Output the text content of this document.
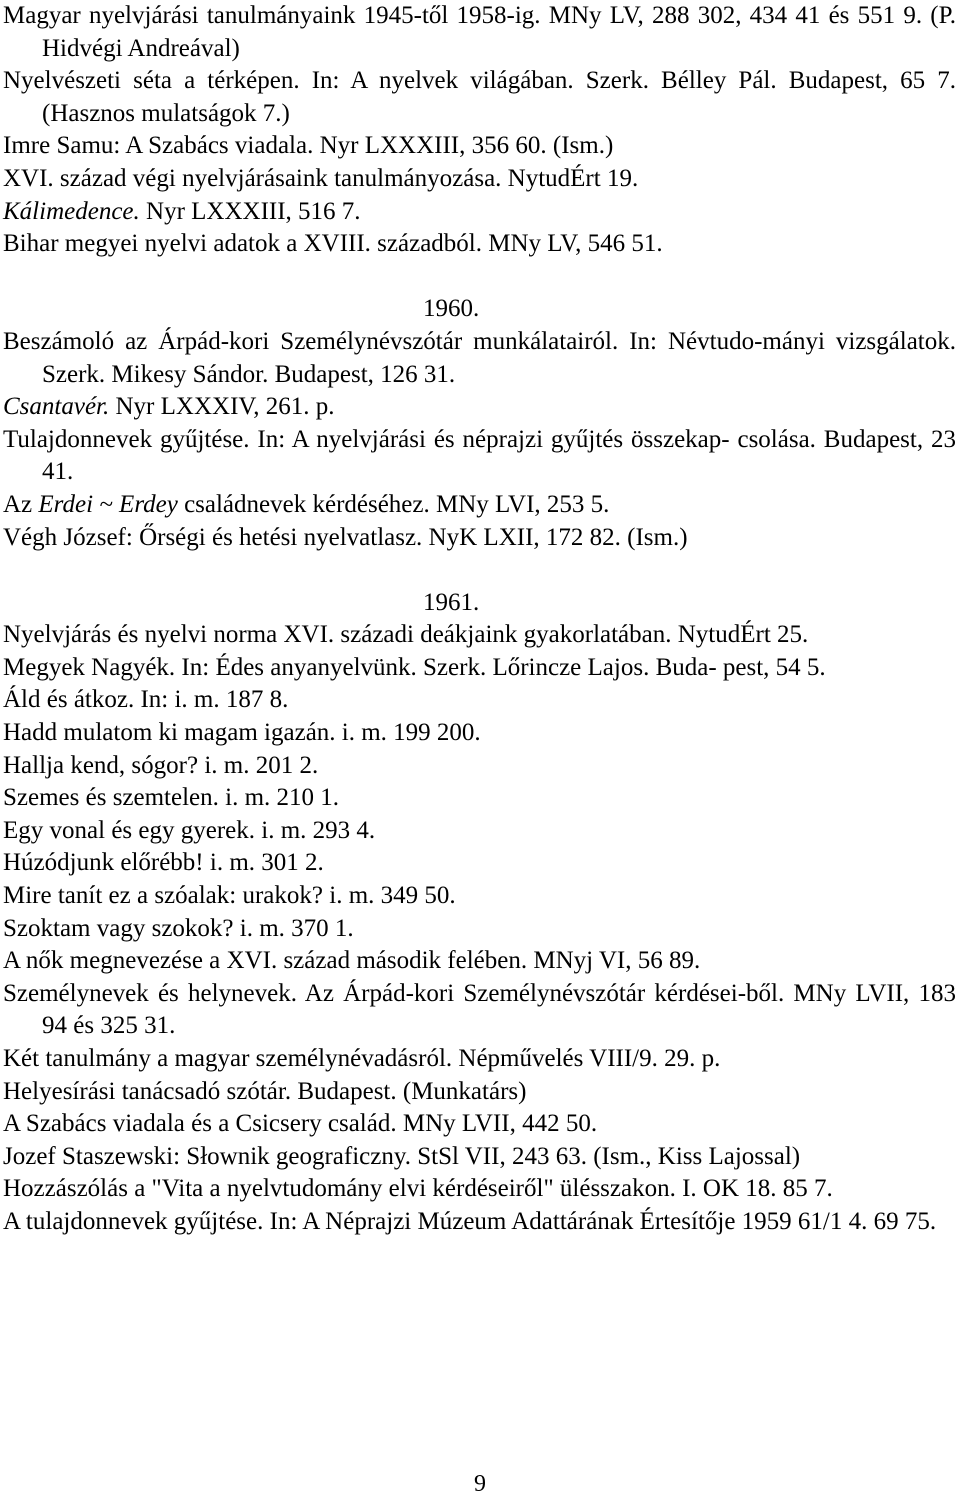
Magyar nyelvjárási tanulmányaink 1945-től 1958-ig. MNy LV, 288 302, 434 41 és 551 9. (P. Hidvégi Andreával)

Nyelvészeti séta a térképen. In: A nyelvek világában. Szerk. Bélley Pál. Budapest, 65 7. (Hasznos mulatságok 7.)

Imre Samu: A Szabács viadala. Nyr LXXXIII, 356 60. (Ism.)

XVI. század végi nyelvjárásaink tanulmányozása. NytudÉrt 19.

Kálimedence. Nyr LXXXIII, 516 7.

Bihar megyei nyelvi adatok a XVIII. századból. MNy LV, 546 51.

1960.

Beszámoló az Árpád-kori Személynévszótár munkálatairól. In: Névtudo-mányi vizsgálatok. Szerk. Mikesy Sándor. Budapest, 126 31.

Csantavér. Nyr LXXXIV, 261. p.

Tulajdonnevek gyűjtése. In: A nyelvjárási és néprajzi gyűjtés összekap- csolása. Budapest, 23 41.

Az Erdei ~ Erdey családnevek kérdéséhez. MNy LVI, 253 5.

Végh József: Őrségi és hetési nyelvatlasz. NyK LXII, 172 82. (Ism.)

1961.

Nyelvjárás és nyelvi norma XVI. századi deákjaink gyakorlatában. NytudÉrt 25.

Megyek Nagyék. In: Édes anyanyelvünk. Szerk. Lőrincze Lajos. Buda- pest, 54 5.

Áld és átkoz. In: i. m. 187 8.

Hadd mulatom ki magam igazán. i. m. 199 200.

Hallja kend, sógor? i. m. 201 2.

Szemes és szemtelen. i. m. 210 1.

Egy vonal és egy gyerek. i. m. 293 4.

Húzódjunk előrébb! i. m. 301 2.

Mire tanít ez a szóalak: urakok? i. m. 349 50.

Szoktam vagy szokok? i. m. 370 1.

A nők megnevezése a XVI. század második felében. MNyj VI, 56 89.

Személynevek és helynevek. Az Árpád-kori Személynévszótár kérdései-ből. MNy LVII, 183 94 és 325 31.

Két tanulmány a magyar személynévadásról. Népművelés VIII/9. 29. p.

Helyesírási tanácsadó szótár. Budapest. (Munkatárs)

A Szabács viadala és a Csicsery család. MNy LVII, 442 50.

Jozef Staszewski: Słownik geograficzny. StSl VII, 243 63. (Ism., Kiss Lajossal)

Hozzászólás a "Vita a nyelvtudomány elvi kérdéseiről" ülésszakon. I. OK 18. 85 7.

A tulajdonnevek gyűjtése. In: A Néprajzi Múzeum Adattárának Értesítője 1959 61/1 4. 69 75.

9
